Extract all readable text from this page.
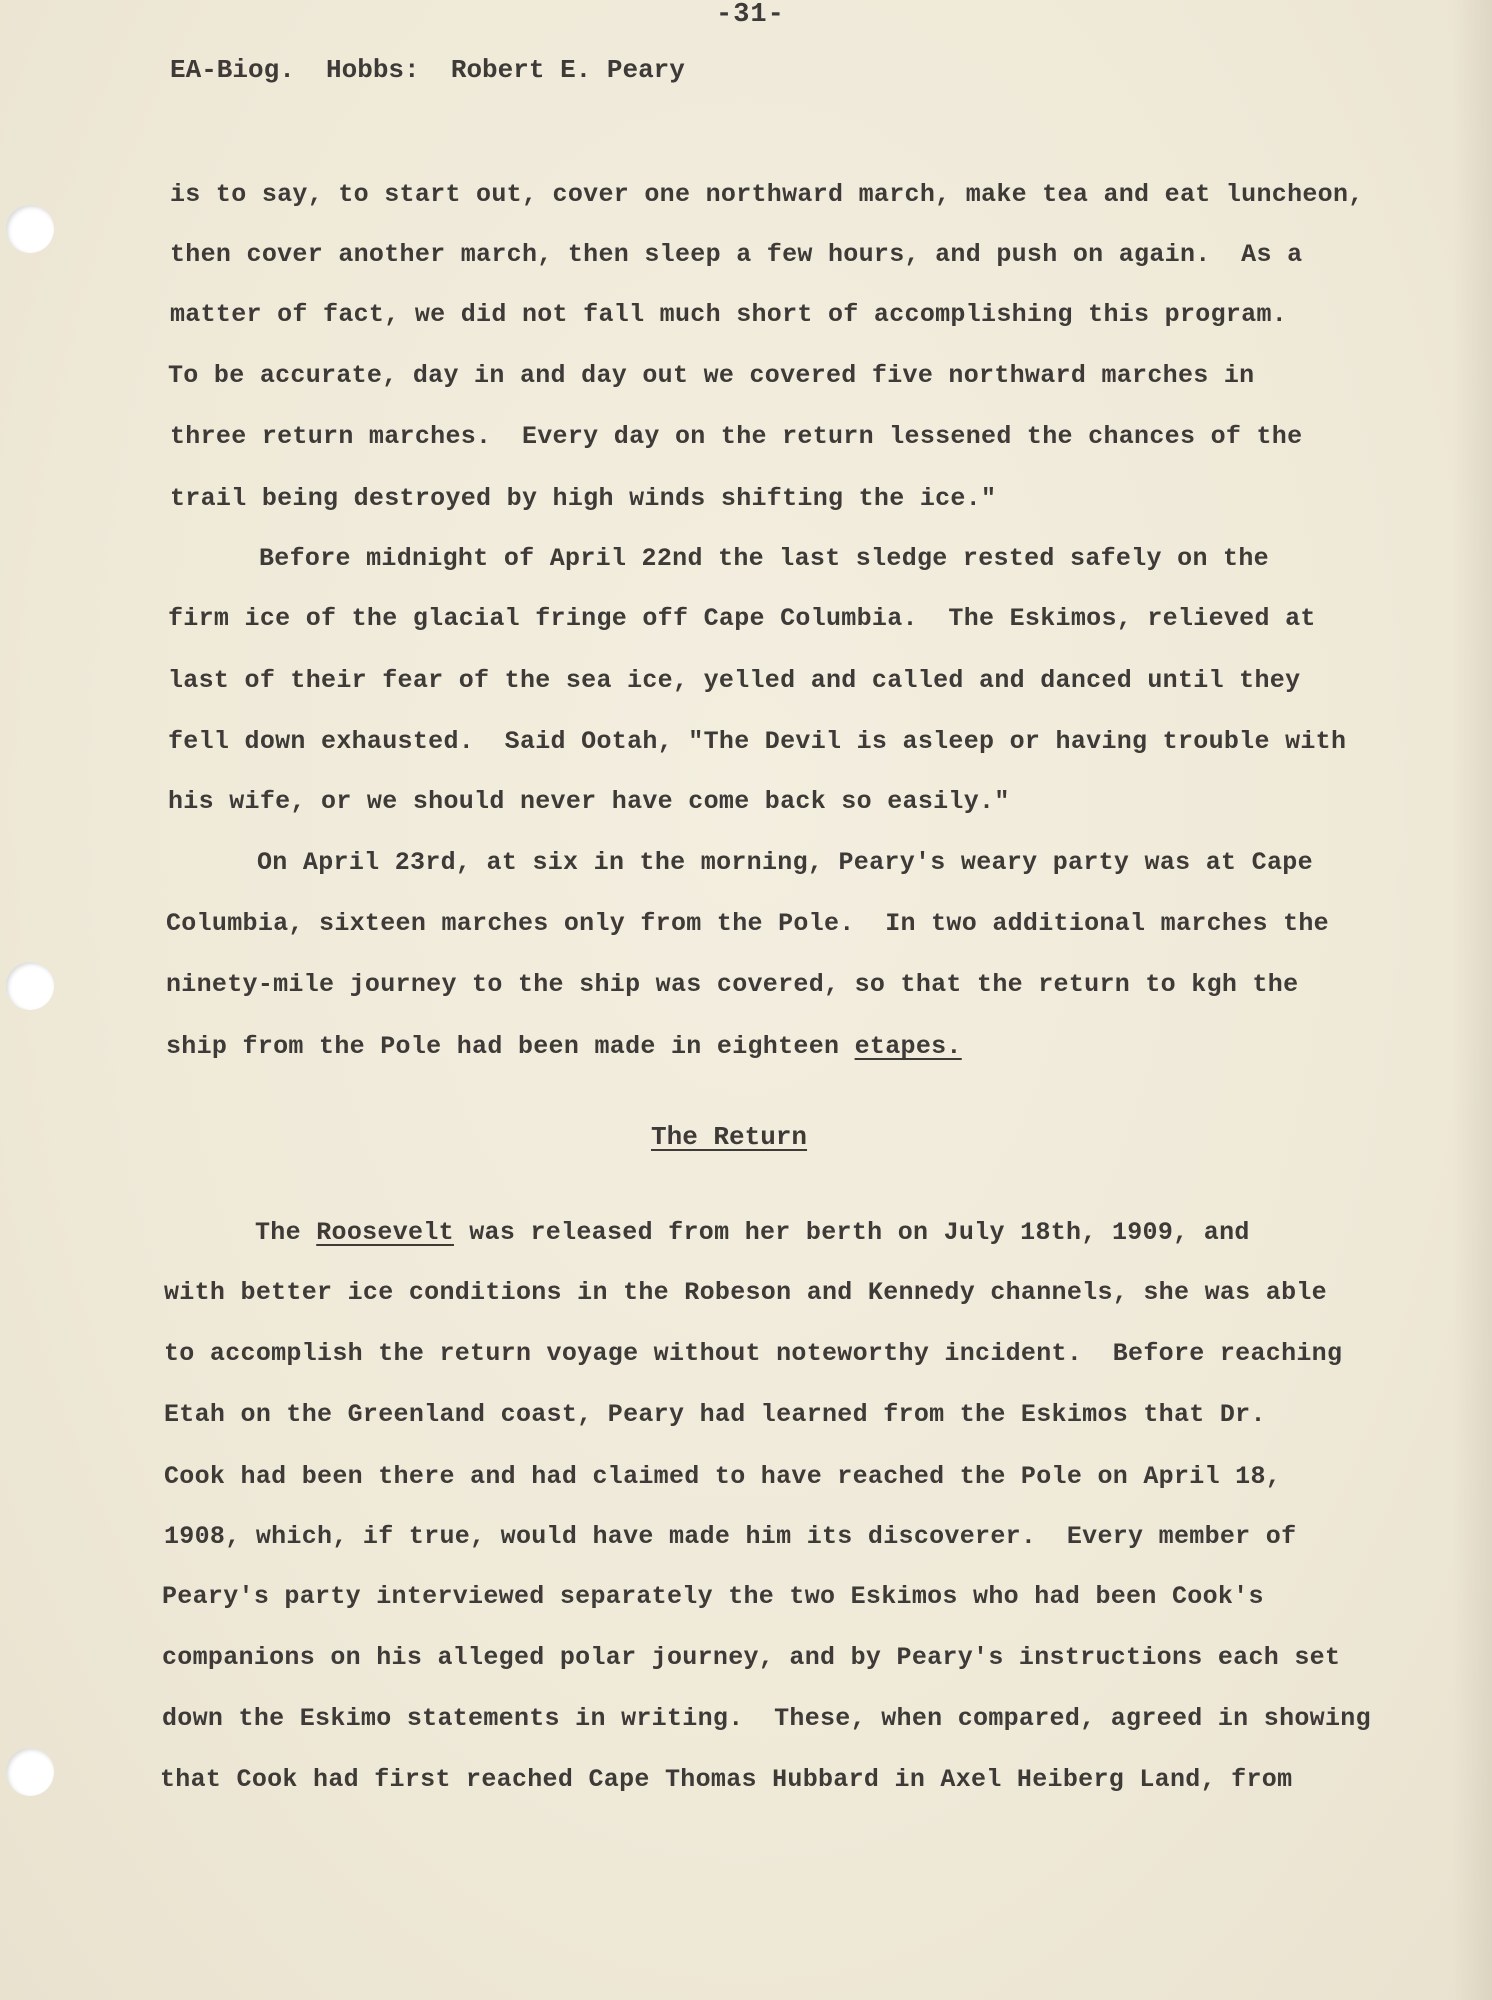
-31-
EA-Biog.  Hobbs:  Robert E. Peary
is to say, to start out, cover one northward march, make tea and eat luncheon,
then cover another march, then sleep a few hours, and push on again.  As a
matter of fact, we did not fall much short of accomplishing this program.
To be accurate, day in and day out we covered five northward marches in
three return marches.  Every day on the return lessened the chances of the
trail being destroyed by high winds shifting the ice."
Before midnight of April 22nd the last sledge rested safely on the
firm ice of the glacial fringe off Cape Columbia.  The Eskimos, relieved at
last of their fear of the sea ice, yelled and called and danced until they
fell down exhausted.  Said Ootah, "The Devil is asleep or having trouble with
his wife, or we should never have come back so easily."
On April 23rd, at six in the morning, Peary's weary party was at Cape
Columbia, sixteen marches only from the Pole.  In two additional marches the
ninety-mile journey to the ship was covered, so that the return to kgh the
ship from the Pole had been made in eighteen etapes.
The Return
The Roosevelt was released from her berth on July 18th, 1909, and
with better ice conditions in the Robeson and Kennedy channels, she was able
to accomplish the return voyage without noteworthy incident.  Before reaching
Etah on the Greenland coast, Peary had learned from the Eskimos that Dr.
Cook had been there and had claimed to have reached the Pole on April 18,
1908, which, if true, would have made him its discoverer.  Every member of
Peary's party interviewed separately the two Eskimos who had been Cook's
companions on his alleged polar journey, and by Peary's instructions each set
down the Eskimo statements in writing.  These, when compared, agreed in showing
that Cook had first reached Cape Thomas Hubbard in Axel Heiberg Land, from
